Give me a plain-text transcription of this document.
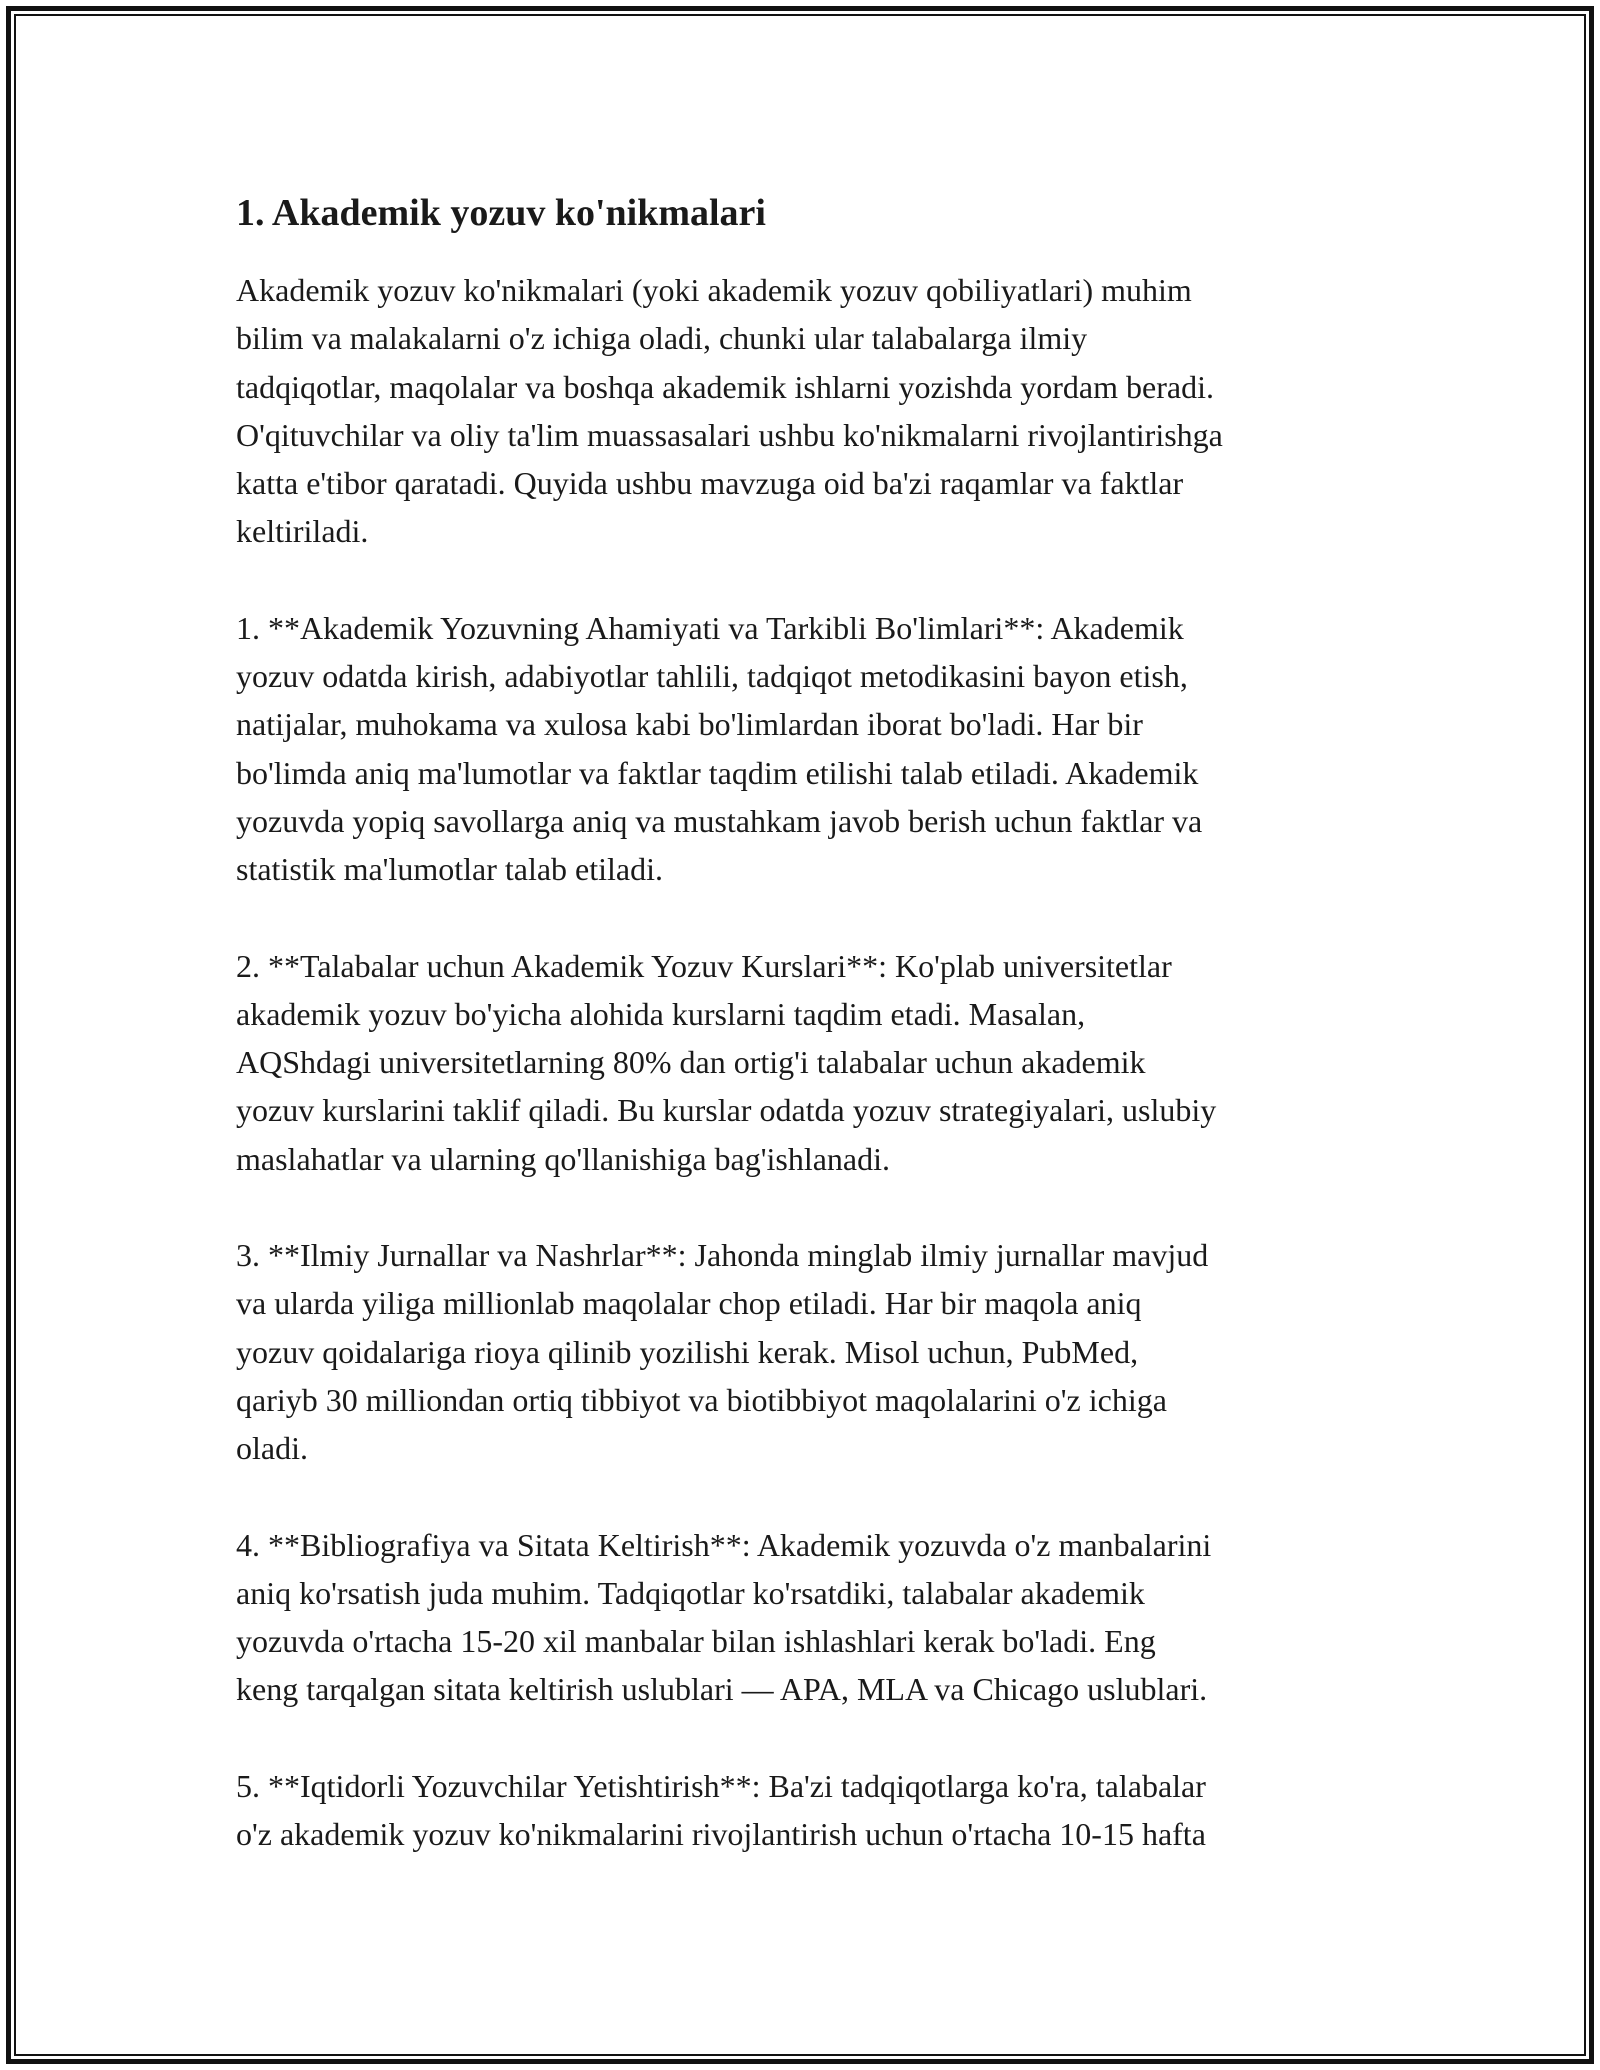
1. Akademik yozuv ko'nikmalari
Akademik yozuv ko'nikmalari (yoki akademik yozuv qobiliyatlari) muhim
bilim va malakalarni o'z ichiga oladi, chunki ular talabalarga ilmiy
tadqiqotlar, maqolalar va boshqa akademik ishlarni yozishda yordam beradi.
O'qituvchilar va oliy ta'lim muassasalari ushbu ko'nikmalarni rivojlantirishga
katta e'tibor qaratadi. Quyida ushbu mavzuga oid ba'zi raqamlar va faktlar
keltiriladi.
1. **Akademik Yozuvning Ahamiyati va Tarkibli Bo'limlari**: Akademik
yozuv odatda kirish, adabiyotlar tahlili, tadqiqot metodikasini bayon etish,
natijalar, muhokama va xulosa kabi bo'limlardan iborat bo'ladi. Har bir
bo'limda aniq ma'lumotlar va faktlar taqdim etilishi talab etiladi. Akademik
yozuvda yopiq savollarga aniq va mustahkam javob berish uchun faktlar va
statistik ma'lumotlar talab etiladi.
2. **Talabalar uchun Akademik Yozuv Kurslari**: Ko'plab universitetlar
akademik yozuv bo'yicha alohida kurslarni taqdim etadi. Masalan,
AQShdagi universitetlarning 80% dan ortig'i talabalar uchun akademik
yozuv kurslarini taklif qiladi. Bu kurslar odatda yozuv strategiyalari, uslubiy
maslahatlar va ularning qo'llanishiga bag'ishlanadi.
3. **Ilmiy Jurnallar va Nashrlar**: Jahonda minglab ilmiy jurnallar mavjud
va ularda yiliga millionlab maqolalar chop etiladi. Har bir maqola aniq
yozuv qoidalariga rioya qilinib yozilishi kerak. Misol uchun, PubMed,
qariyb 30 milliondan ortiq tibbiyot va biotibbiyot maqolalarini o'z ichiga
oladi.
4. **Bibliografiya va Sitata Keltirish**: Akademik yozuvda o'z manbalarini
aniq ko'rsatish juda muhim. Tadqiqotlar ko'rsatdiki, talabalar akademik
yozuvda o'rtacha 15-20 xil manbalar bilan ishlashlari kerak bo'ladi. Eng
keng tarqalgan sitata keltirish uslublari — APA, MLA va Chicago uslublari.
5. **Iqtidorli Yozuvchilar Yetishtirish**: Ba'zi tadqiqotlarga ko'ra, talabalar
o'z akademik yozuv ko'nikmalarini rivojlantirish uchun o'rtacha 10-15 hafta
